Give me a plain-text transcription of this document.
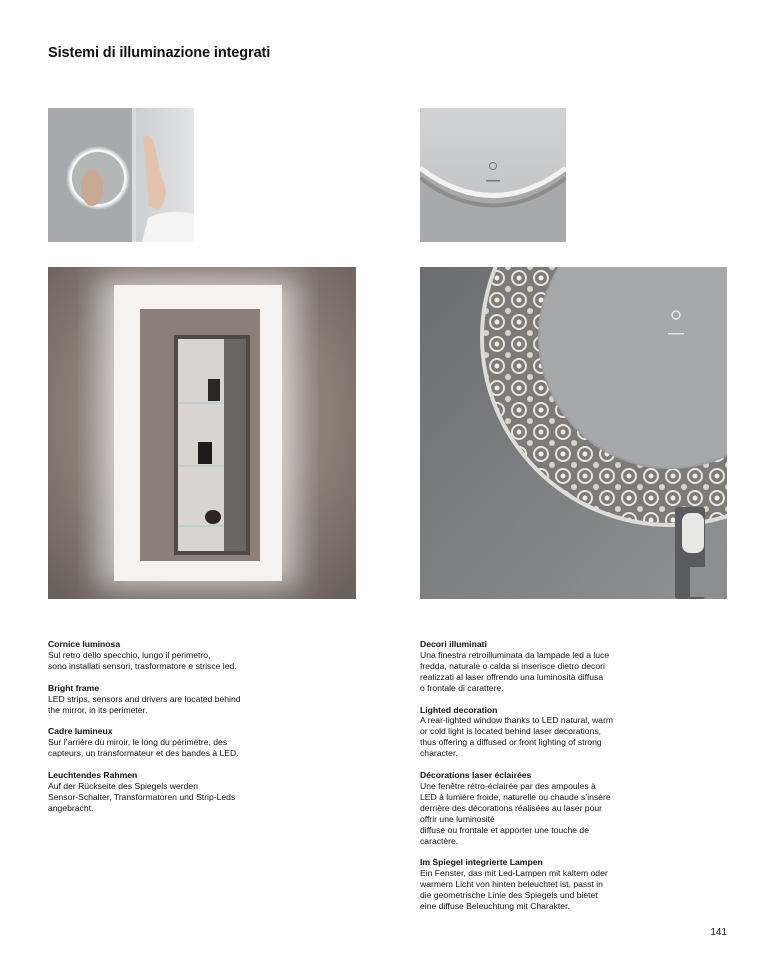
Sistemi di illuminazione integrati
Cornice luminosa
Sul retro dello specchio, lungo il perimetro,
sono installati sensori, trasformatore e strisce led.
Bright frame
LED strips, sensors and drivers are located behind
the mirror, in its perimeter.
Cadre lumineux
Sur l’arrière du miroir, le long du périmètre, des
capteurs, un transformateur et des bandes à LED.
Leuchtendes Rahmen
Auf der Rückseite des Spiegels werden
Sensor-Schalter, Transformatoren und Strip-Leds
angebracht.
Decori illuminati
Una finestra retroilluminata da lampade led a luce
fredda, naturale o calda si inserisce dietro decori
realizzati al laser offrendo una luminosità diffusa
o frontale di carattere.
Lighted decoration
A rear-lighted window thanks to LED natural, warm
or cold light is located behind laser decorations,
thus offering a diffused or front lighting of strong
character.
Décorations laser éclairées
Une fenêtre rétro-éclairée par des ampoules à
LED à lumière froide, naturelle ou chaude s’insère
derrière des décorations réalisées au laser pour
offrir une luminosité
diffuse ou frontale et apporter une touche de
caractère.
Im Spiegel integrierte Lampen
Ein Fenster, das mit Led-Lampen mit kaltem oder
warmem Licht von hinten beleuchtet ist, passt in
die geometrische Linie des Spiegels und bietet
eine diffuse Beleuchtung mit Charakter.
141
